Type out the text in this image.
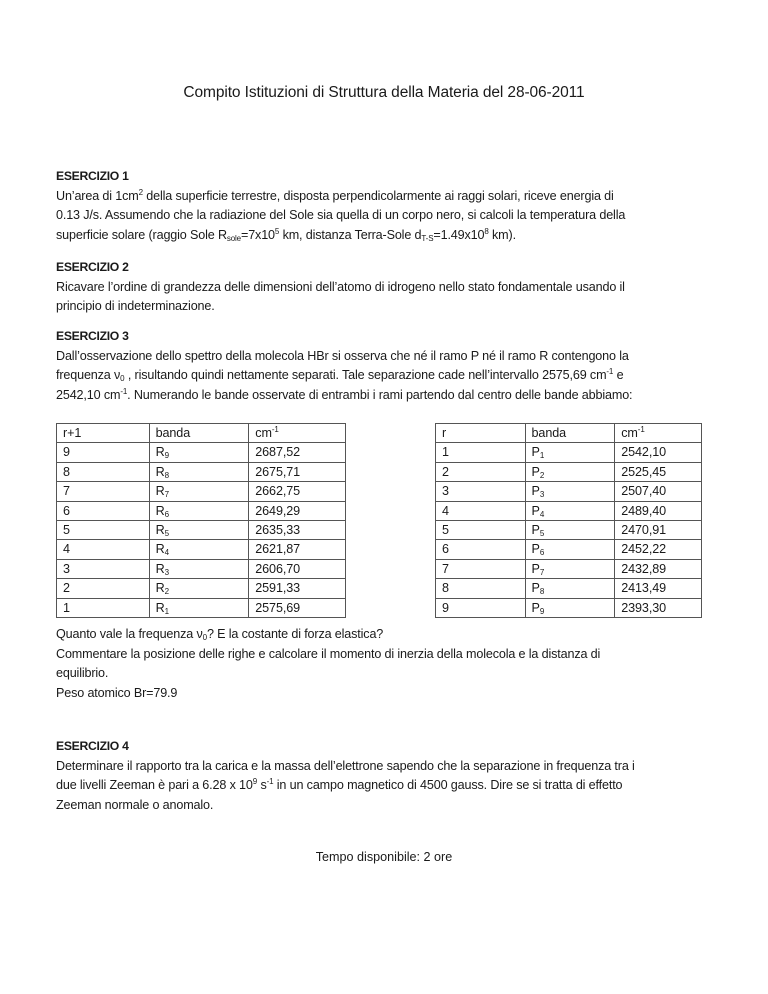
Compito Istituzioni di Struttura della Materia del 28-06-2011
ESERCIZIO 1
Un’area di $1cm^2$ della superficie terrestre, disposta perpendicolarmente ai raggi solari, riceve energia di
0.13 J/s. Assumendo che la radiazione del Sole sia quella di un corpo nero, si calcoli la temperatura della
superficie solare (raggio Sole $R_{sole}=7x10^5$ km, distanza Terra-Sole $d_{T-S}=1.49x10^8$ km).
ESERCIZIO 2
Ricavare l’ordine di grandezza delle dimensioni dell’atomo di idrogeno nello stato fondamentale usando il
principio di indeterminazione.
ESERCIZIO 3
Dall’osservazione dello spettro della molecola HBr si osserva che né il ramo P né il ramo R contengono la
frequenza $\nu_0$ , risultando quindi nettamente separati. Tale separazione cade nell’intervallo 2575,69 $cm^{-1}$ e
2542,10 $cm^{-1}$. Numerando le bande osservate di entrambi i rami partendo dal centro delle bande abbiamo:
r+1	banda	$cm^{-1}$
9	$R_9$	2687,52
8	$R_8$	2675,71
7	$R_7$	2662,75
6	$R_6$	2649,29
5	$R_5$	2635,33
4	$R_4$	2621,87
3	$R_3$	2606,70
2	$R_2$	2591,33
1	$R_1$	2575,69
r	banda	$cm^{-1}$
1	$P_1$	2542,10
2	$P_2$	2525,45
3	$P_3$	2507,40
4	$P_4$	2489,40
5	$P_5$	2470,91
6	$P_6$	2452,22
7	$P_7$	2432,89
8	$P_8$	2413,49
9	$P_9$	2393,30
Quanto vale la frequenza $\nu_0$? E la costante di forza elastica?
Commentare la posizione delle righe e calcolare il momento di inerzia della molecola e la distanza di
equilibrio.
Peso atomico Br=79.9
ESERCIZIO 4
Determinare il rapporto tra la carica e la massa dell’elettrone sapendo che la separazione in frequenza tra i
due livelli Zeeman è pari a 6.28 x $10^9$ $s^{-1}$ in un campo magnetico di 4500 gauss. Dire se si tratta di effetto
Zeeman normale o anomalo.
Tempo disponibile: 2 ore
